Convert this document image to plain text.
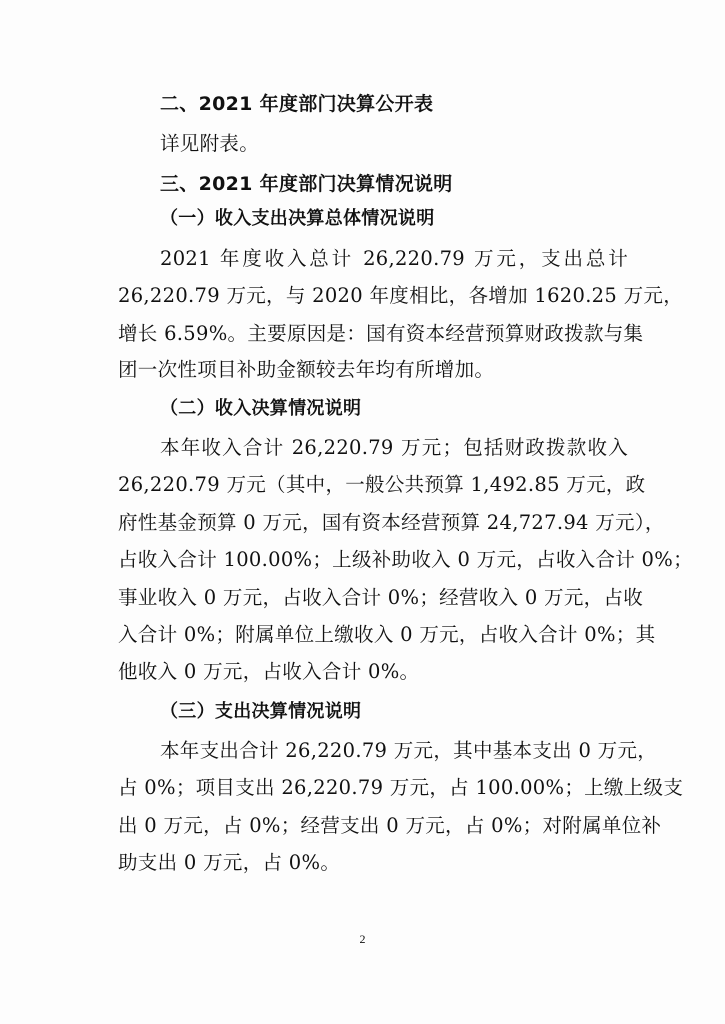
二、2021 年度部门决算公开表
详见附表。
三、2021 年度部门决算情况说明
（一）收入支出决算总体情况说明
2021 年度收入总计 26,220.79 万元，支出总计
26,220.79 万元，与 2020 年度相比，各增加 1620.25 万元，
增长 6.59%。主要原因是：国有资本经营预算财政拨款与集
团一次性项目补助金额较去年均有所增加。
（二）收入决算情况说明
本年收入合计 26,220.79 万元；包括财政拨款收入
26,220.79 万元（其中，一般公共预算 1,492.85 万元，政
府性基金预算 0 万元，国有资本经营预算 24,727.94 万元），
占收入合计 100.00%；上级补助收入 0 万元，占收入合计 0%；
事业收入 0 万元，占收入合计 0%；经营收入 0 万元，占收
入合计 0%；附属单位上缴收入 0 万元，占收入合计 0%；其
他收入 0 万元，占收入合计 0%。
（三）支出决算情况说明
本年支出合计 26,220.79 万元，其中基本支出 0 万元，
占 0%；项目支出 26,220.79 万元，占 100.00%；上缴上级支
出 0 万元，占 0%；经营支出 0 万元，占 0%；对附属单位补
助支出 0 万元，占 0%。
2
